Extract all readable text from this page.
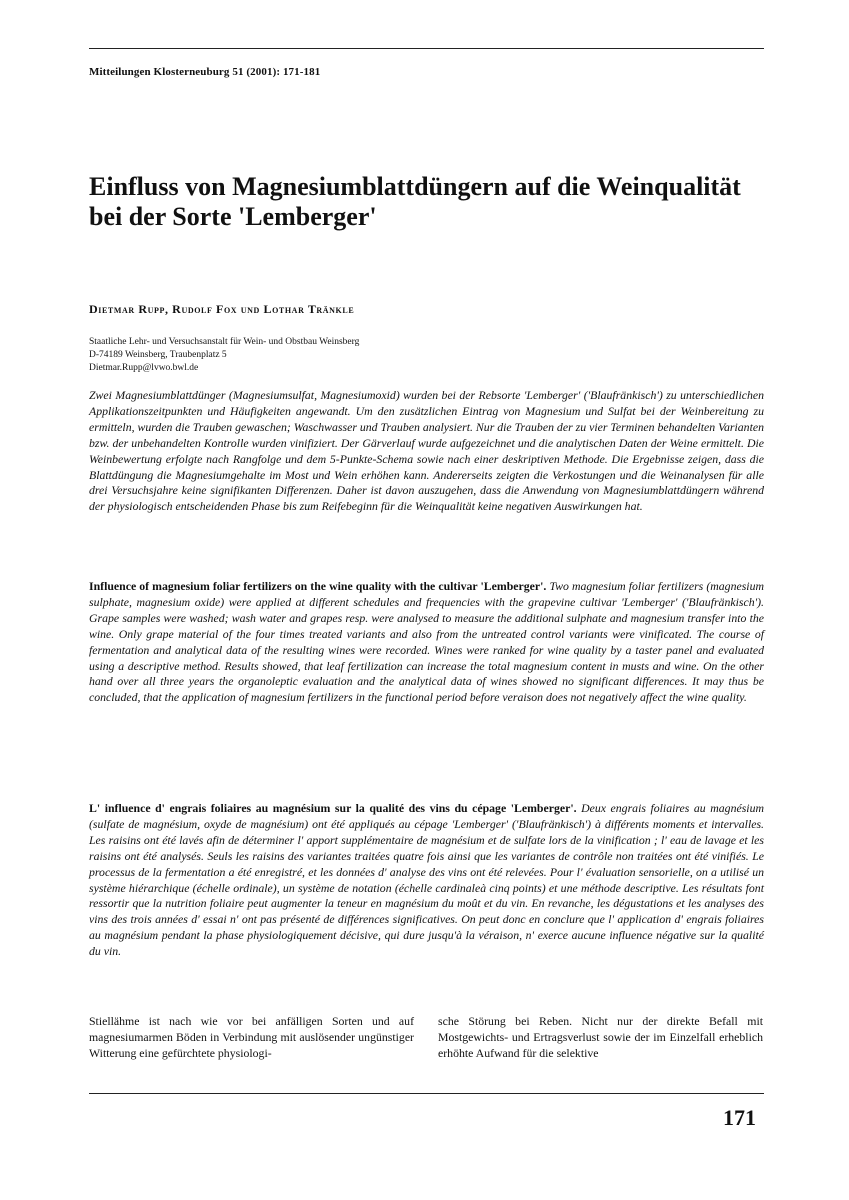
Mitteilungen Klosterneuburg 51 (2001): 171-181
Einfluss von Magnesiumblattdüngern auf die Weinqualität bei der Sorte 'Lemberger'
Dietmar Rupp, Rudolf Fox und Lothar Tränkle
Staatliche Lehr- und Versuchsanstalt für Wein- und Obstbau Weinsberg
D-74189 Weinsberg, Traubenplatz 5
Dietmar.Rupp@lvwo.bwl.de

Zwei Magnesiumblattdünger (Magnesiumsulfat, Magnesiumoxid) wurden bei der Rebsorte 'Lemberger' ('Blaufränkisch') zu unterschiedlichen Applikationszeitpunkten und Häufigkeiten angewandt. Um den zusätzlichen Eintrag von Magnesium und Sulfat bei der Weinbereitung zu ermitteln, wurden die Trauben gewaschen; Waschwasser und Trauben analysiert. Nur die Trauben der zu vier Terminen behandelten Varianten bzw. der unbehandelten Kontrolle wurden vinifiziert. Der Gärverlauf wurde aufgezeichnet und die analytischen Daten der Weine ermittelt. Die Weinbewertung erfolgte nach Rangfolge und dem 5-Punkte-Schema sowie nach einer deskriptiven Methode. Die Ergebnisse zeigen, dass die Blattdüngung die Magnesiumgehalte im Most und Wein erhöhen kann. Andererseits zeigten die Verkostungen und die Weinanalysen für alle drei Versuchsjahre keine signifikanten Differenzen. Daher ist davon auszugehen, dass die Anwendung von Magnesiumblattdüngern während der physiologisch entscheidenden Phase bis zum Reifebeginn für die Weinqualität keine negativen Auswirkungen hat.

Influence of magnesium foliar fertilizers on the wine quality with the cultivar 'Lemberger'. Two magnesium foliar fertilizers (magnesium sulphate, magnesium oxide) were applied at different schedules and frequencies with the grapevine cultivar 'Lemberger' ('Blaufränkisch'). Grape samples were washed; wash water and grapes resp. were analysed to measure the additional sulphate and magnesium transfer into the wine. Only grape material of the four times treated variants and also from the untreated control variants were vinificated. The course of fermentation and analytical data of the resulting wines were recorded. Wines were ranked for wine quality by a taster panel and evaluated using a descriptive method. Results showed, that leaf fertilization can increase the total magnesium content in musts and wine. On the other hand over all three years the organoleptic evaluation and the analytical data of wines showed no significant differences. It may thus be concluded, that the application of magnesium fertilizers in the functional period before veraison does not negatively affect the wine quality.

L' influence d' engrais foliaires au magnésium sur la qualité des vins du cépage 'Lemberger'. Deux engrais foliaires au magnésium (sulfate de magnésium, oxyde de magnésium) ont été appliqués au cépage 'Lemberger' ('Blaufränkisch') à différents moments et intervalles. Les raisins ont été lavés afin de déterminer l' apport supplémentaire de magnésium et de sulfate lors de la vinification ; l' eau de lavage et les raisins ont été analysés. Seuls les raisins des variantes traitées quatre fois ainsi que les variantes de contrôle non traitées ont été vinifiés. Le processus de la fermentation a été enregistré, et les données d' analyse des vins ont été relevées. Pour l' évaluation sensorielle, on a utilisé un système hiérarchique (échelle ordinale), un système de notation (échelle cardinaleà cinq points) et une méthode descriptive. Les résultats font ressortir que la nutrition foliaire peut augmenter la teneur en magnésium du moût et du vin. En revanche, les dégustations et les analyses des vins des trois années d' essai n' ont pas présenté de différences significatives. On peut donc en conclure que l' application d' engrais foliaires au magnésium pendant la phase physiologiquement décisive, qui dure jusqu'à la véraison, n' exerce aucune influence négative sur la qualité du vin.

Stiellähme ist nach wie vor bei anfälligen Sorten und auf magnesiumarmen Böden in Verbindung mit auslösender ungünstiger Witterung eine gefürchtete physiologi-

sche Störung bei Reben. Nicht nur der direkte Befall mit Mostgewichts- und Ertragsverlust sowie der im Einzelfall erheblich erhöhte Aufwand für die selektive

171
